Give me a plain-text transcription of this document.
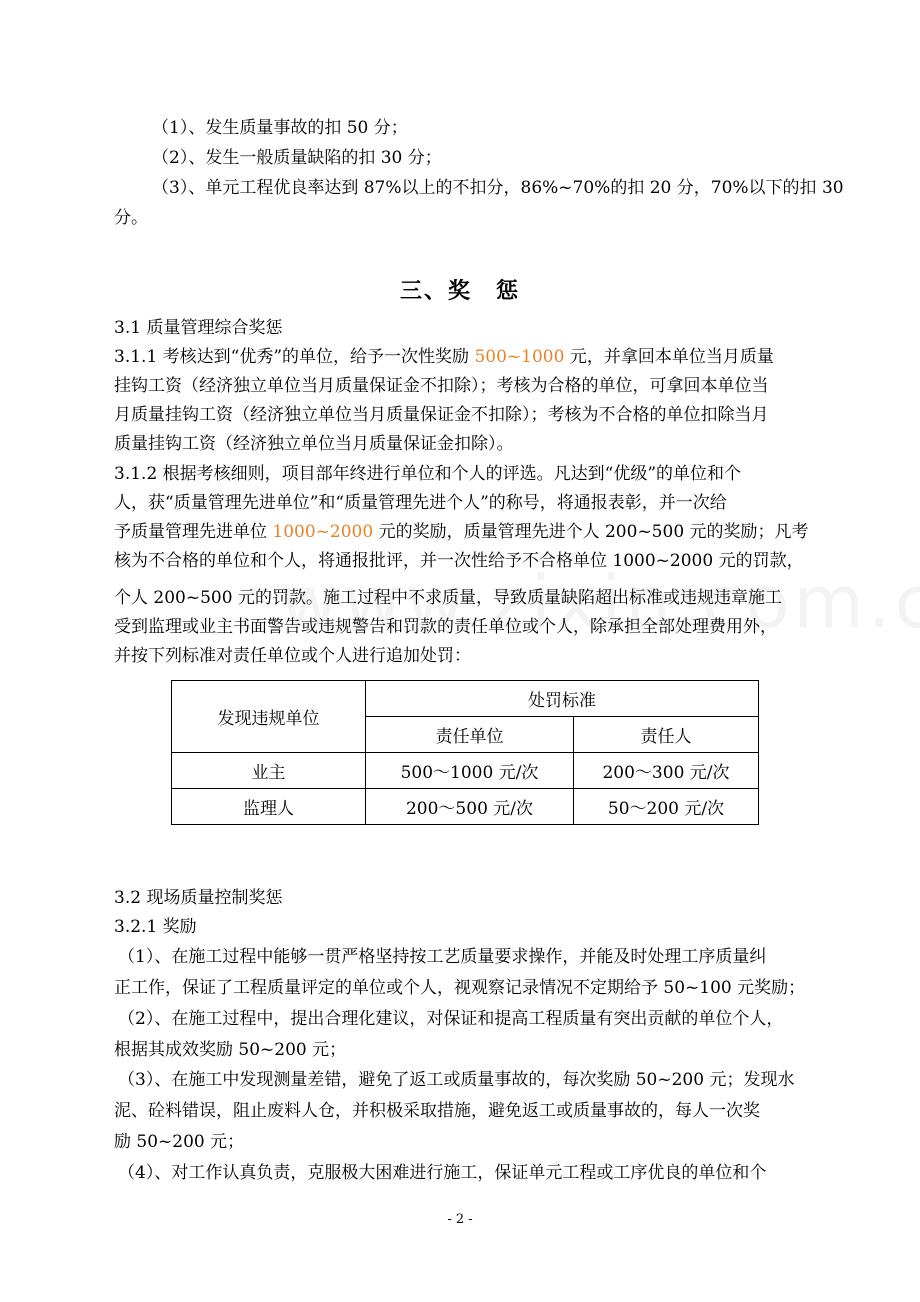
（1）、发生质量事故的扣 50 分；
（2）、发生一般质量缺陷的扣 30 分；
（3）、单元工程优良率达到 87%以上的不扣分，86%~70%的扣 20 分，70%以下的扣 30
分。
三、奖　惩
3.1 质量管理综合奖惩
3.1.1 考核达到“优秀”的单位，给予一次性奖励 500~1000 元，并拿回本单位当月质量
挂钩工资（经济独立单位当月质量保证金不扣除）；考核为合格的单位，可拿回本单位当
月质量挂钩工资（经济独立单位当月质量保证金不扣除）；考核为不合格的单位扣除当月
质量挂钩工资（经济独立单位当月质量保证金扣除）。
3.1.2 根据考核细则，项目部年终进行单位和个人的评选。凡达到“优级”的单位和个
人，获“质量管理先进单位”和“质量管理先进个人”的称号，将通报表彰，并一次给
予质量管理先进单位 1000~2000 元的奖励，质量管理先进个人 200~500 元的奖励；凡考
核为不合格的单位和个人，将通报批评，并一次性给予不合格单位 1000~2000 元的罚款，
个人 200~500 元的罚款。施工过程中不求质量，导致质量缺陷超出标准或违规违章施工
受到监理或业主书面警告或违规警告和罚款的责任单位或个人，除承担全部处理费用外，
并按下列标准对责任单位或个人进行追加处罚：
发现违规单位	处罚标准	
	责任单位	责任人
业主	500～1000 元/次	200～300 元/次
监理人	200～500 元/次	50～200 元/次
3.2 现场质量控制奖惩
3.2.1 奖励
（1）、在施工过程中能够一贯严格坚持按工艺质量要求操作，并能及时处理工序质量纠
正工作，保证了工程质量评定的单位或个人，视观察记录情况不定期给予 50~100 元奖励；
（2）、在施工过程中，提出合理化建议，对保证和提高工程质量有突出贡献的单位个人，
根据其成效奖励 50~200 元；
（3）、在施工中发现测量差错，避免了返工或质量事故的，每次奖励 50~200 元；发现水
泥、砼料错误，阻止废料人仓，并积极采取措施，避免返工或质量事故的，每人一次奖
励 50~200 元；
（4）、对工作认真负责，克服极大困难进行施工，保证单元工程或工序优良的单位和个
- 2 -
